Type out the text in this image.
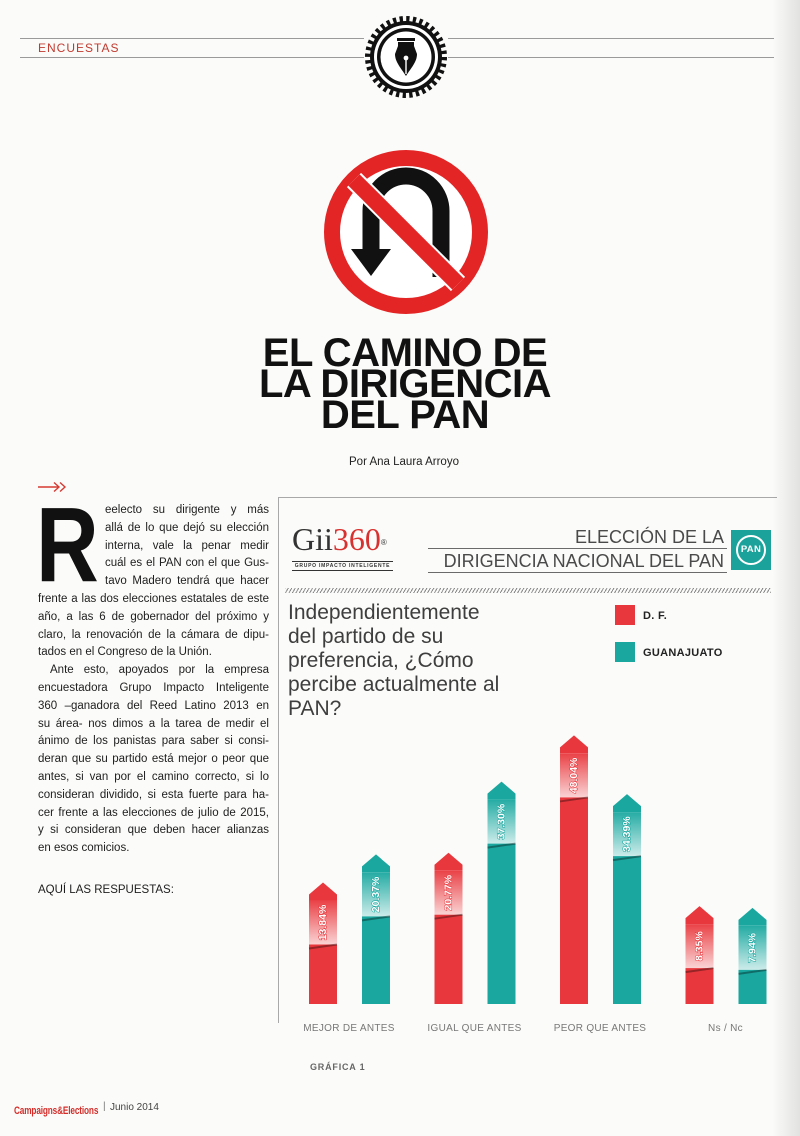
ENCUESTAS
EL CAMINO DE
LA DIRIGENCIA
DEL PAN
Por Ana Laura Arroyo
R eelecto su dirigente y más
allá de lo que dejó su elección
interna, vale la penar medir
cuál es el PAN con el que Gus-
tavo Madero tendrá que hacer
frente a las dos elecciones estatales de este
año, a las 6 de gobernador del próximo y
claro, la renovación de la cámara de dipu-
tados en el Congreso de la Unión.
Ante esto, apoyados por la empresa
encuestadora Grupo Impacto Inteligente
360 –ganadora del Reed Latino 2013 en
su área- nos dimos a la tarea de medir el
ánimo de los panistas para saber si consi-
deran que su partido está mejor o peor que
antes, si van por el camino correcto, si lo
consideran dividido, si esta fuerte para ha-
cer frente a las elecciones de julio de 2015,
y si consideran que deben hacer alianzas
en esos comicios.
AQUÍ LAS RESPUESTAS:
Gii360®
GRUPO IMPACTO INTELIGENTE
ELECCIÓN DE LA
DIRIGENCIA NACIONAL DEL PAN
PAN
Independientemente
del partido de su
preferencia, ¿Cómo
percibe actualmente al
PAN?
D. F.
GUANAJUATO
13.84%
20.37%
MEJOR DE ANTES
20.77%
37.30%
IGUAL QUE ANTES
48.04%
34.39%
PEOR QUE ANTES
8.35%	7.94%
Ns / Nc
GRÁFICA 1
Campaigns&Elections | Junio 2014
